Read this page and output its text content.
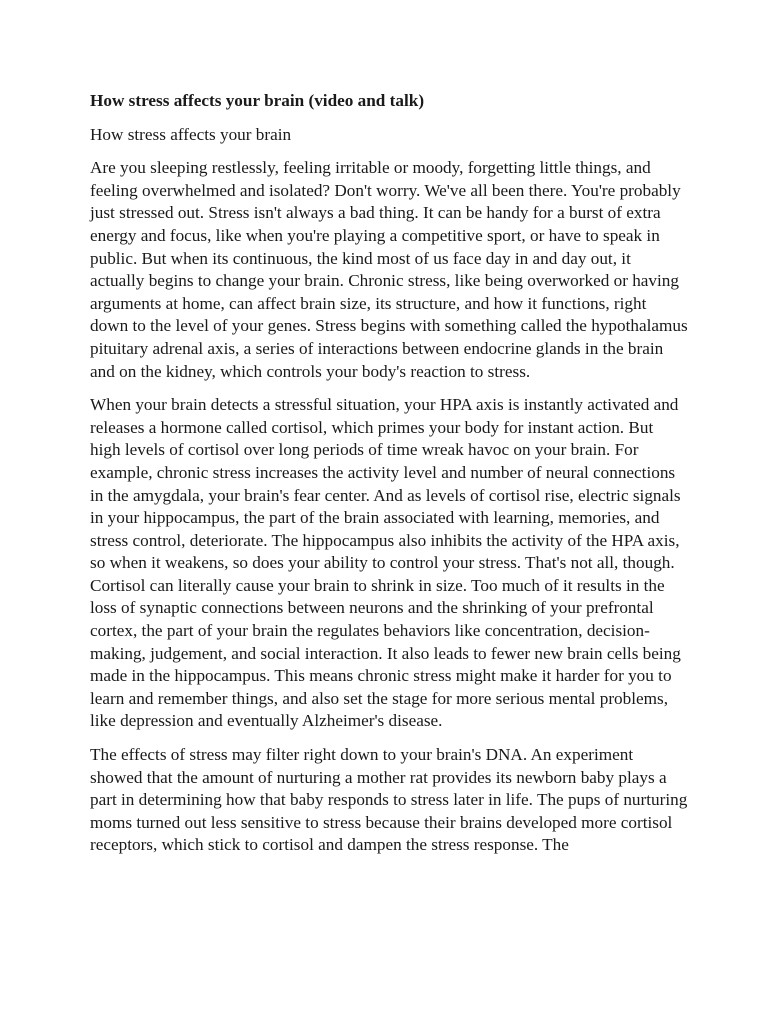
How stress affects your brain (video and talk)
How stress affects your brain

Are you sleeping restlessly, feeling irritable or moody, forgetting little things, and feeling overwhelmed and isolated? Don't worry. We've all been there. You're probably just stressed out. Stress isn't always a bad thing. It can be handy for a burst of extra energy and focus, like when you're playing a competitive sport, or have to speak in public. But when its continuous, the kind most of us face day in and day out, it actually begins to change your brain. Chronic stress, like being overworked or having arguments at home, can affect brain size, its structure, and how it functions, right down to the level of your genes. Stress begins with something called the hypothalamus pituitary adrenal axis, a series of interactions between endocrine glands in the brain and on the kidney, which controls your body's reaction to stress.

When your brain detects a stressful situation, your HPA axis is instantly activated and releases a hormone called cortisol, which primes your body for instant action. But high levels of cortisol over long periods of time wreak havoc on your brain. For example, chronic stress increases the activity level and number of neural connections in the amygdala, your brain's fear center. And as levels of cortisol rise, electric signals in your hippocampus, the part of the brain associated with learning, memories, and stress control, deteriorate. The hippocampus also inhibits the activity of the HPA axis, so when it weakens, so does your ability to control your stress. That's not all, though. Cortisol can literally cause your brain to shrink in size. Too much of it results in the loss of synaptic connections between neurons and the shrinking of your prefrontal cortex, the part of your brain the regulates behaviors like concentration, decision-making, judgement, and social interaction. It also leads to fewer new brain cells being made in the hippocampus. This means chronic stress might make it harder for you to learn and remember things, and also set the stage for more serious mental problems, like depression and eventually Alzheimer's disease.

The effects of stress may filter right down to your brain's DNA. An experiment showed that the amount of nurturing a mother rat provides its newborn baby plays a part in determining how that baby responds to stress later in life. The pups of nurturing moms turned out less sensitive to stress because their brains developed more cortisol receptors, which stick to cortisol and dampen the stress response. The
